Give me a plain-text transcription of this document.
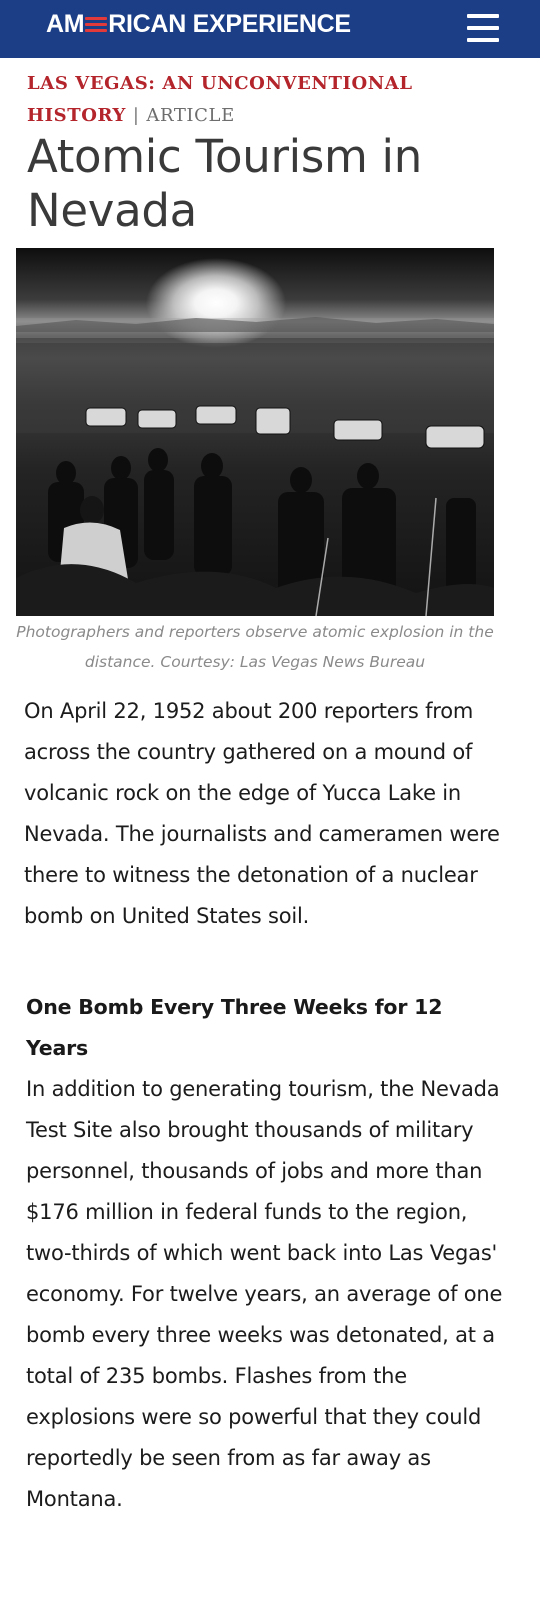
AM RICAN EXPERIENCE
LAS VEGAS: AN UNCONVENTIONAL HISTORY | ARTICLE
Atomic Tourism in Nevada
Photographers and reporters observe atomic explosion in the distance. Courtesy: Las Vegas News Bureau

On April 22, 1952 about 200 reporters from across the country gathered on a mound of volcanic rock on the edge of Yucca Lake in Nevada. The journalists and cameramen were there to witness the detonation of a nuclear bomb on United States soil.

One Bomb Every Three Weeks for 12 Years

In addition to generating tourism, the Nevada Test Site also brought thousands of military personnel, thousands of jobs and more than $176 million in federal funds to the region, two-thirds of which went back into Las Vegas' economy. For twelve years, an average of one bomb every three weeks was detonated, at a total of 235 bombs. Flashes from the explosions were so powerful that they could reportedly be seen from as far away as Montana.
